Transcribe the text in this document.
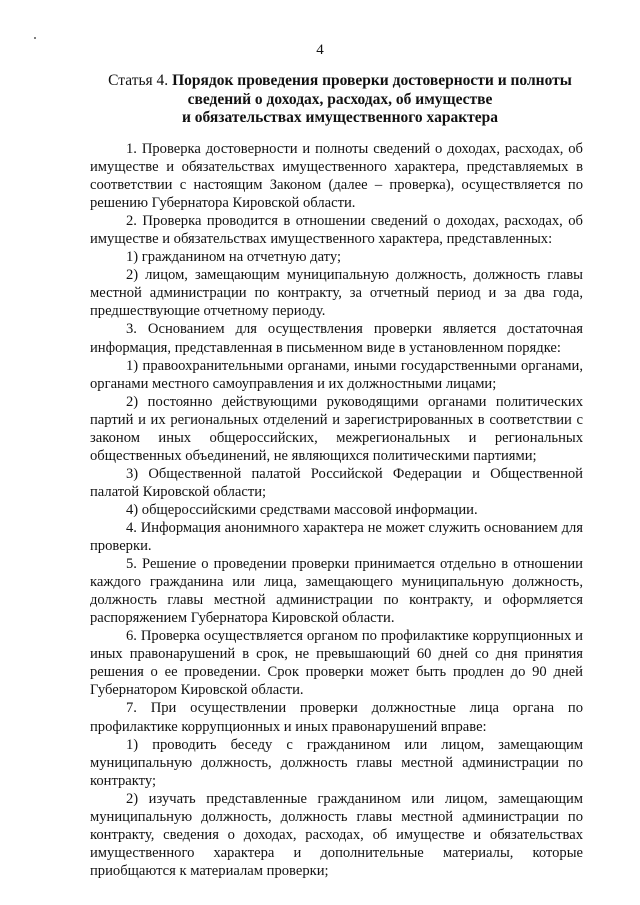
4
Статья 4. Порядок проведения проверки достоверности и полноты
сведений о доходах, расходах, об имуществе
и обязательствах имущественного характера

1. Проверка достоверности и полноты сведений о доходах, расходах, об имуществе и обязательствах имущественного характера, представляемых в соответствии с настоящим Законом (далее – проверка), осуществляется по решению Губернатора Кировской области.

2. Проверка проводится в отношении сведений о доходах, расходах, об имуществе и обязательствах имущественного характера, представленных:

1) гражданином на отчетную дату;

2) лицом, замещающим муниципальную должность, должность главы местной администрации по контракту, за отчетный период и за два года, предшествующие отчетному периоду.

3. Основанием для осуществления проверки является достаточная информация, представленная в письменном виде в установленном порядке:

1) правоохранительными органами, иными государственными органами, органами местного самоуправления и их должностными лицами;

2) постоянно действующими руководящими органами политических партий и их региональных отделений и зарегистрированных в соответствии с законом иных общероссийских, межрегиональных и региональных общественных объединений, не являющихся политическими партиями;

3) Общественной палатой Российской Федерации и Общественной палатой Кировской области;

4) общероссийскими средствами массовой информации.

4. Информация анонимного характера не может служить основанием для проверки.

5. Решение о проведении проверки принимается отдельно в отношении каждого гражданина или лица, замещающего муниципальную должность, должность главы местной администрации по контракту, и оформляется распоряжением Губернатора Кировской области.

6. Проверка осуществляется органом по профилактике коррупционных и иных правонарушений в срок, не превышающий 60 дней со дня принятия решения о ее проведении. Срок проверки может быть продлен до 90 дней Губернатором Кировской области.

7. При осуществлении проверки должностные лица органа по профилактике коррупционных и иных правонарушений вправе:

1) проводить беседу с гражданином или лицом, замещающим муниципальную должность, должность главы местной администрации по контракту;

2) изучать представленные гражданином или лицом, замещающим муниципальную должность, должность главы местной администрации по контракту, сведения о доходах, расходах, об имуществе и обязательствах имущественного характера и дополнительные материалы, которые приобщаются к материалам проверки;
